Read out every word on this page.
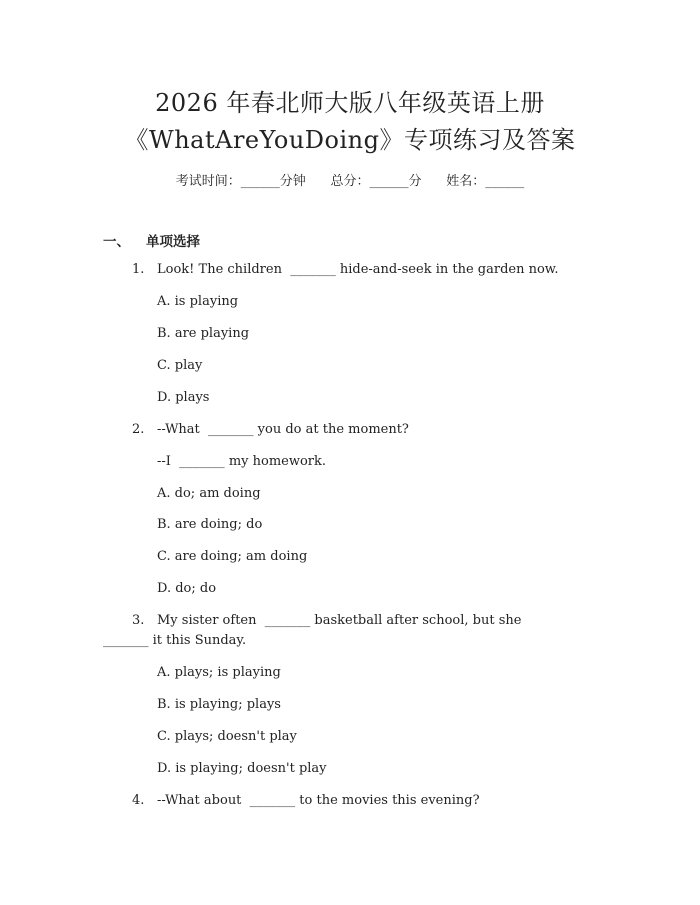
2026 年春北师大版八年级英语上册
《WhatAreYouDoing》专项练习及答案
考试时间：______分钟      总分：______分      姓名：______
一、 单项选择
1. Look! The children  _______ hide-and-seek in the garden now.
A. is playing
B. are playing
C. play
D. plays
2. --What  _______ you do at the moment?
--I  _______ my homework.
A. do; am doing
B. are doing; do
C. are doing; am doing
D. do; do
3. My sister often  _______ basketball after school, but she
_______ it this Sunday.
A. plays; is playing
B. is playing; plays
C. plays; doesn't play
D. is playing; doesn't play
4. --What about  _______ to the movies this evening?
